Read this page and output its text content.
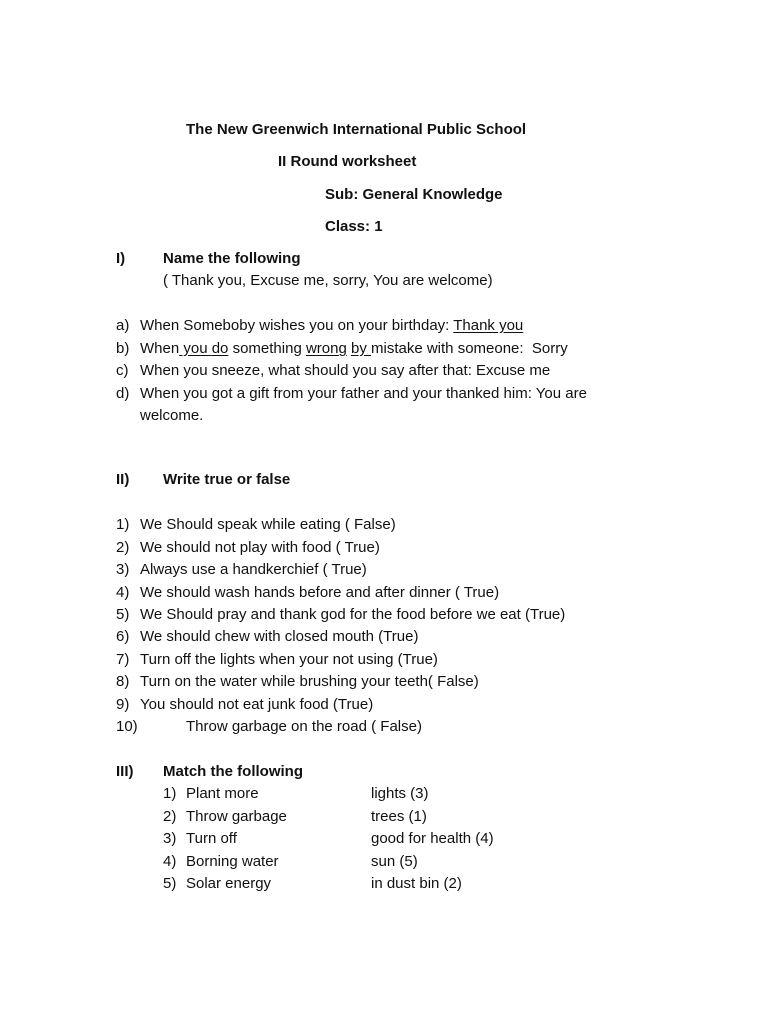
The New Greenwich International Public School
II Round worksheet
Sub: General Knowledge
Class: 1
I)	Name the following
( Thank you, Excuse me, sorry, You are welcome)
a) When Someboby wishes you on your birthday: Thank you
b) When you do something wrong by mistake with someone:  Sorry
c) When you sneeze, what should you say after that: Excuse me
d) When you got a gift from your father and your thanked him: You are
welcome.
II) Write true or false
1) We Should speak while eating ( False)
2) We should not play with food ( True)
3) Always use a handkerchief ( True)
4) We should wash hands before and after dinner ( True)
5) We Should pray and thank god for the food before we eat (True)
6) We should chew with closed mouth (True)
7) Turn off the lights when your not using (True)
8) Turn on the water while brushing your teeth( False)
9) You should not eat junk food (True)
10)	Throw garbage on the road ( False)
III) Match the following
1) Plant more	lights (3)
2) Throw garbage	trees (1)
3) Turn off	good for health (4)
4) Borning water	sun (5)
5) Solar energy	in dust bin (2)
